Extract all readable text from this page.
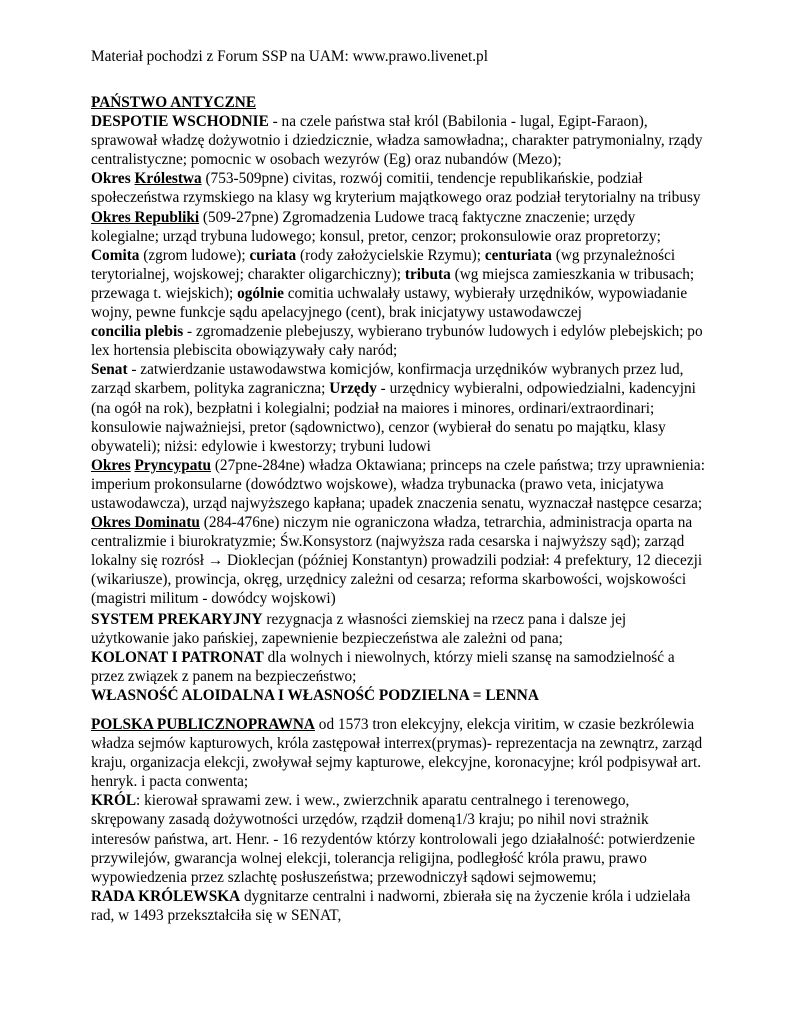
Materiał pochodzi z Forum SSP na UAM: www.prawo.livenet.pl
PAŃSTWO ANTYCZNE
DESPOTIE WSCHODNIE - na czele państwa stał król (Babilonia - lugal, Egipt-Faraon),
sprawował władzę dożywotnio i dziedzicznie, władza samowładna;, charakter patrymonialny, rządy
centralistyczne; pomocnic w osobach wezyrów (Eg) oraz nubandów (Mezo);
Okres Królestwa (753-509pne) civitas, rozwój comitii, tendencje republikańskie, podział
społeczeństwa rzymskiego na klasy wg kryterium majątkowego oraz podział terytorialny na tribusy
Okres Republiki (509-27pne) Zgromadzenia Ludowe tracą faktyczne znaczenie; urzędy
kolegialne; urząd trybuna ludowego; konsul, pretor, cenzor; prokonsulowie oraz propretorzy;
Comita (zgrom ludowe); curiata (rody założycielskie Rzymu); centuriata (wg przynależności
terytorialnej, wojskowej; charakter oligarchiczny); tributa (wg miejsca zamieszkania w tribusach;
przewaga t. wiejskich); ogólnie comitia uchwalały ustawy, wybierały urzędników, wypowiadanie
wojny, pewne funkcje sądu apelacyjnego (cent), brak inicjatywy ustawodawczej
concilia plebis - zgromadzenie plebejuszy, wybierano trybunów ludowych i edylów plebejskich; po
lex hortensia plebiscita obowiązywały cały naród;
Senat - zatwierdzanie ustawodawstwa komicjów, konfirmacja urzędników wybranych przez lud,
zarząd skarbem, polityka zagraniczna; Urzędy - urzędnicy wybieralni, odpowiedzialni, kadencyjni
(na ogół na rok), bezpłatni i kolegialni; podział na maiores i minores, ordinari/extraordinari;
konsulowie najważniejsi, pretor (sądownictwo), cenzor (wybierał do senatu po majątku, klasy
obywateli); niżsi: edylowie i kwestorzy; trybuni ludowi
Okres Pryncypatu (27pne-284ne) władza Oktawiana; princeps na czele państwa; trzy uprawnienia:
imperium prokonsularne (dowództwo wojskowe), władza trybunacka (prawo veta, inicjatywa
ustawodawcza), urząd najwyższego kapłana; upadek znaczenia senatu, wyznaczał następce cesarza;
Okres Dominatu (284-476ne) niczym nie ograniczona władza, tetrarchia, administracja oparta na
centralizmie i biurokratyzmie; Św.Konsystorz (najwyższa rada cesarska i najwyższy sąd); zarząd
lokalny się rozrósł → Dioklecjan (później Konstantyn) prowadzili podział: 4 prefektury, 12 diecezji
(wikariusze), prowincja, okręg, urzędnicy zależni od cesarza; reforma skarbowości, wojskowości
(magistri militum - dowódcy wojskowi)
SYSTEM PREKARYJNY rezygnacja z własności ziemskiej na rzecz pana i dalsze jej
użytkowanie jako pańskiej, zapewnienie bezpieczeństwa ale zależni od pana;
KOLONAT I PATRONAT dla wolnych i niewolnych, którzy mieli szansę na samodzielność a
przez związek z panem na bezpieczeństwo;
WŁASNOŚĆ ALOIDALNA I WŁASNOŚĆ PODZIELNA = LENNA
POLSKA PUBLICZNOPRAWNA od 1573 tron elekcyjny, elekcja viritim, w czasie bezkrólewia
władza sejmów kapturowych, króla zastępował interrex(prymas)- reprezentacja na zewnątrz, zarząd
kraju, organizacja elekcji, zwoływał sejmy kapturowe, elekcyjne, koronacyjne; król podpisywał art.
henryk. i pacta conwenta;
KRÓL: kierował sprawami zew. i wew., zwierzchnik aparatu centralnego i terenowego,
skrępowany zasadą dożywotności urzędów, rządził domeną1/3 kraju; po nihil novi strażnik
interesów państwa, art. Henr. - 16 rezydentów którzy kontrolowali jego działalność: potwierdzenie
przywilejów, gwarancja wolnej elekcji, tolerancja religijna, podległość króla prawu, prawo
wypowiedzenia przez szlachtę posłuszeństwa; przewodniczył sądowi sejmowemu;
RADA KRÓLEWSKA dygnitarze centralni i nadworni, zbierała się na życzenie króla i udzielała
rad, w 1493 przekształciła się w SENAT,
